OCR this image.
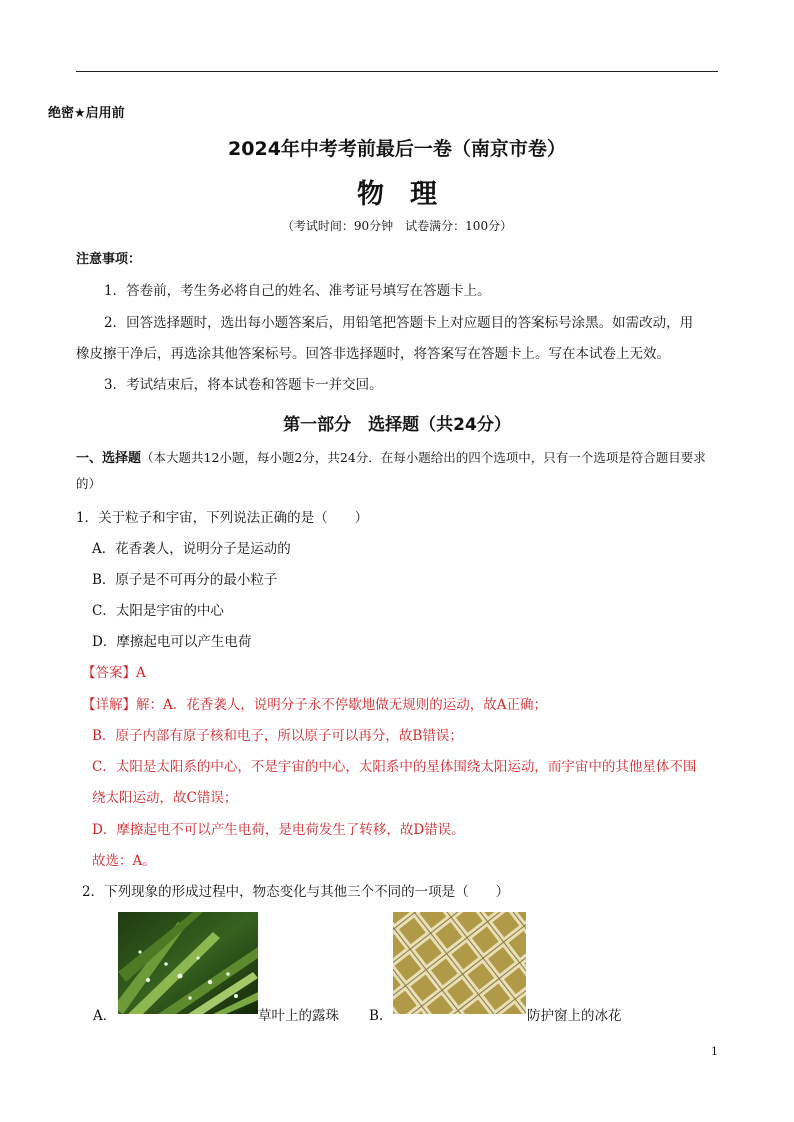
绝密★启用前
2024年中考考前最后一卷（南京市卷）
物理
（考试时间：90分钟　试卷满分：100分）
注意事项：
1．答卷前，考生务必将自己的姓名、准考证号填写在答题卡上。
2．回答选择题时，选出每小题答案后，用铅笔把答题卡上对应题目的答案标号涂黑。如需改动，用
橡皮擦干净后，再选涂其他答案标号。回答非选择题时，将答案写在答题卡上。写在本试卷上无效。
3．考试结束后，将本试卷和答题卡一并交回。
第一部分　选择题（共24分）
一、选择题（本大题共12小题，每小题2分，共24分．在每小题给出的四个选项中，只有一个选项是符合题目要求的）
1．关于粒子和宇宙，下列说法正确的是（　　）
A．花香袭人，说明分子是运动的
B．原子是不可再分的最小粒子
C．太阳是宇宙的中心
D．摩擦起电可以产生电荷
【答案】A
【详解】解：A．花香袭人，说明分子永不停歇地做无规则的运动，故A正确；
B．原子内部有原子核和电子，所以原子可以再分，故B错误；
C．太阳是太阳系的中心，不是宇宙的中心，太阳系中的星体围绕太阳运动，而宇宙中的其他星体不围
绕太阳运动，故C错误；
D．摩擦起电不可以产生电荷，是电荷发生了转移，故D错误。
故选：A。
2．下列现象的形成过程中，物态变化与其他三个不同的一项是（　　）
A．	草叶上的露珠 B．	防护窗上的冰花
1
